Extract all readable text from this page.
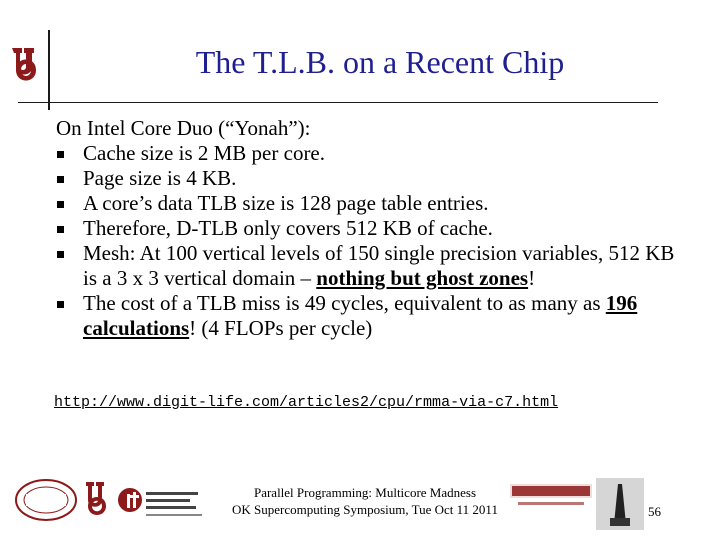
The T.L.B. on a Recent Chip

On Intel Core Duo (“Yonah”):

Cache size is 2 MB per core.
Page size is 4 KB.
A core’s data TLB size is 128 page table entries.
Therefore, D-TLB only covers 512 KB of cache.
Mesh: At 100 vertical levels of 150 single precision variables, 512 KB is a 3 x 3 vertical domain – nothing but ghost zones!
The cost of a TLB miss is 49 cycles, equivalent to as many as 196 calculations! (4 FLOPs per cycle)
http://www.digit-life.com/articles2/cpu/rmma-via-c7.html
Parallel Programming: Multicore Madness
OK Supercomputing Symposium, Tue Oct 11 2011	56
